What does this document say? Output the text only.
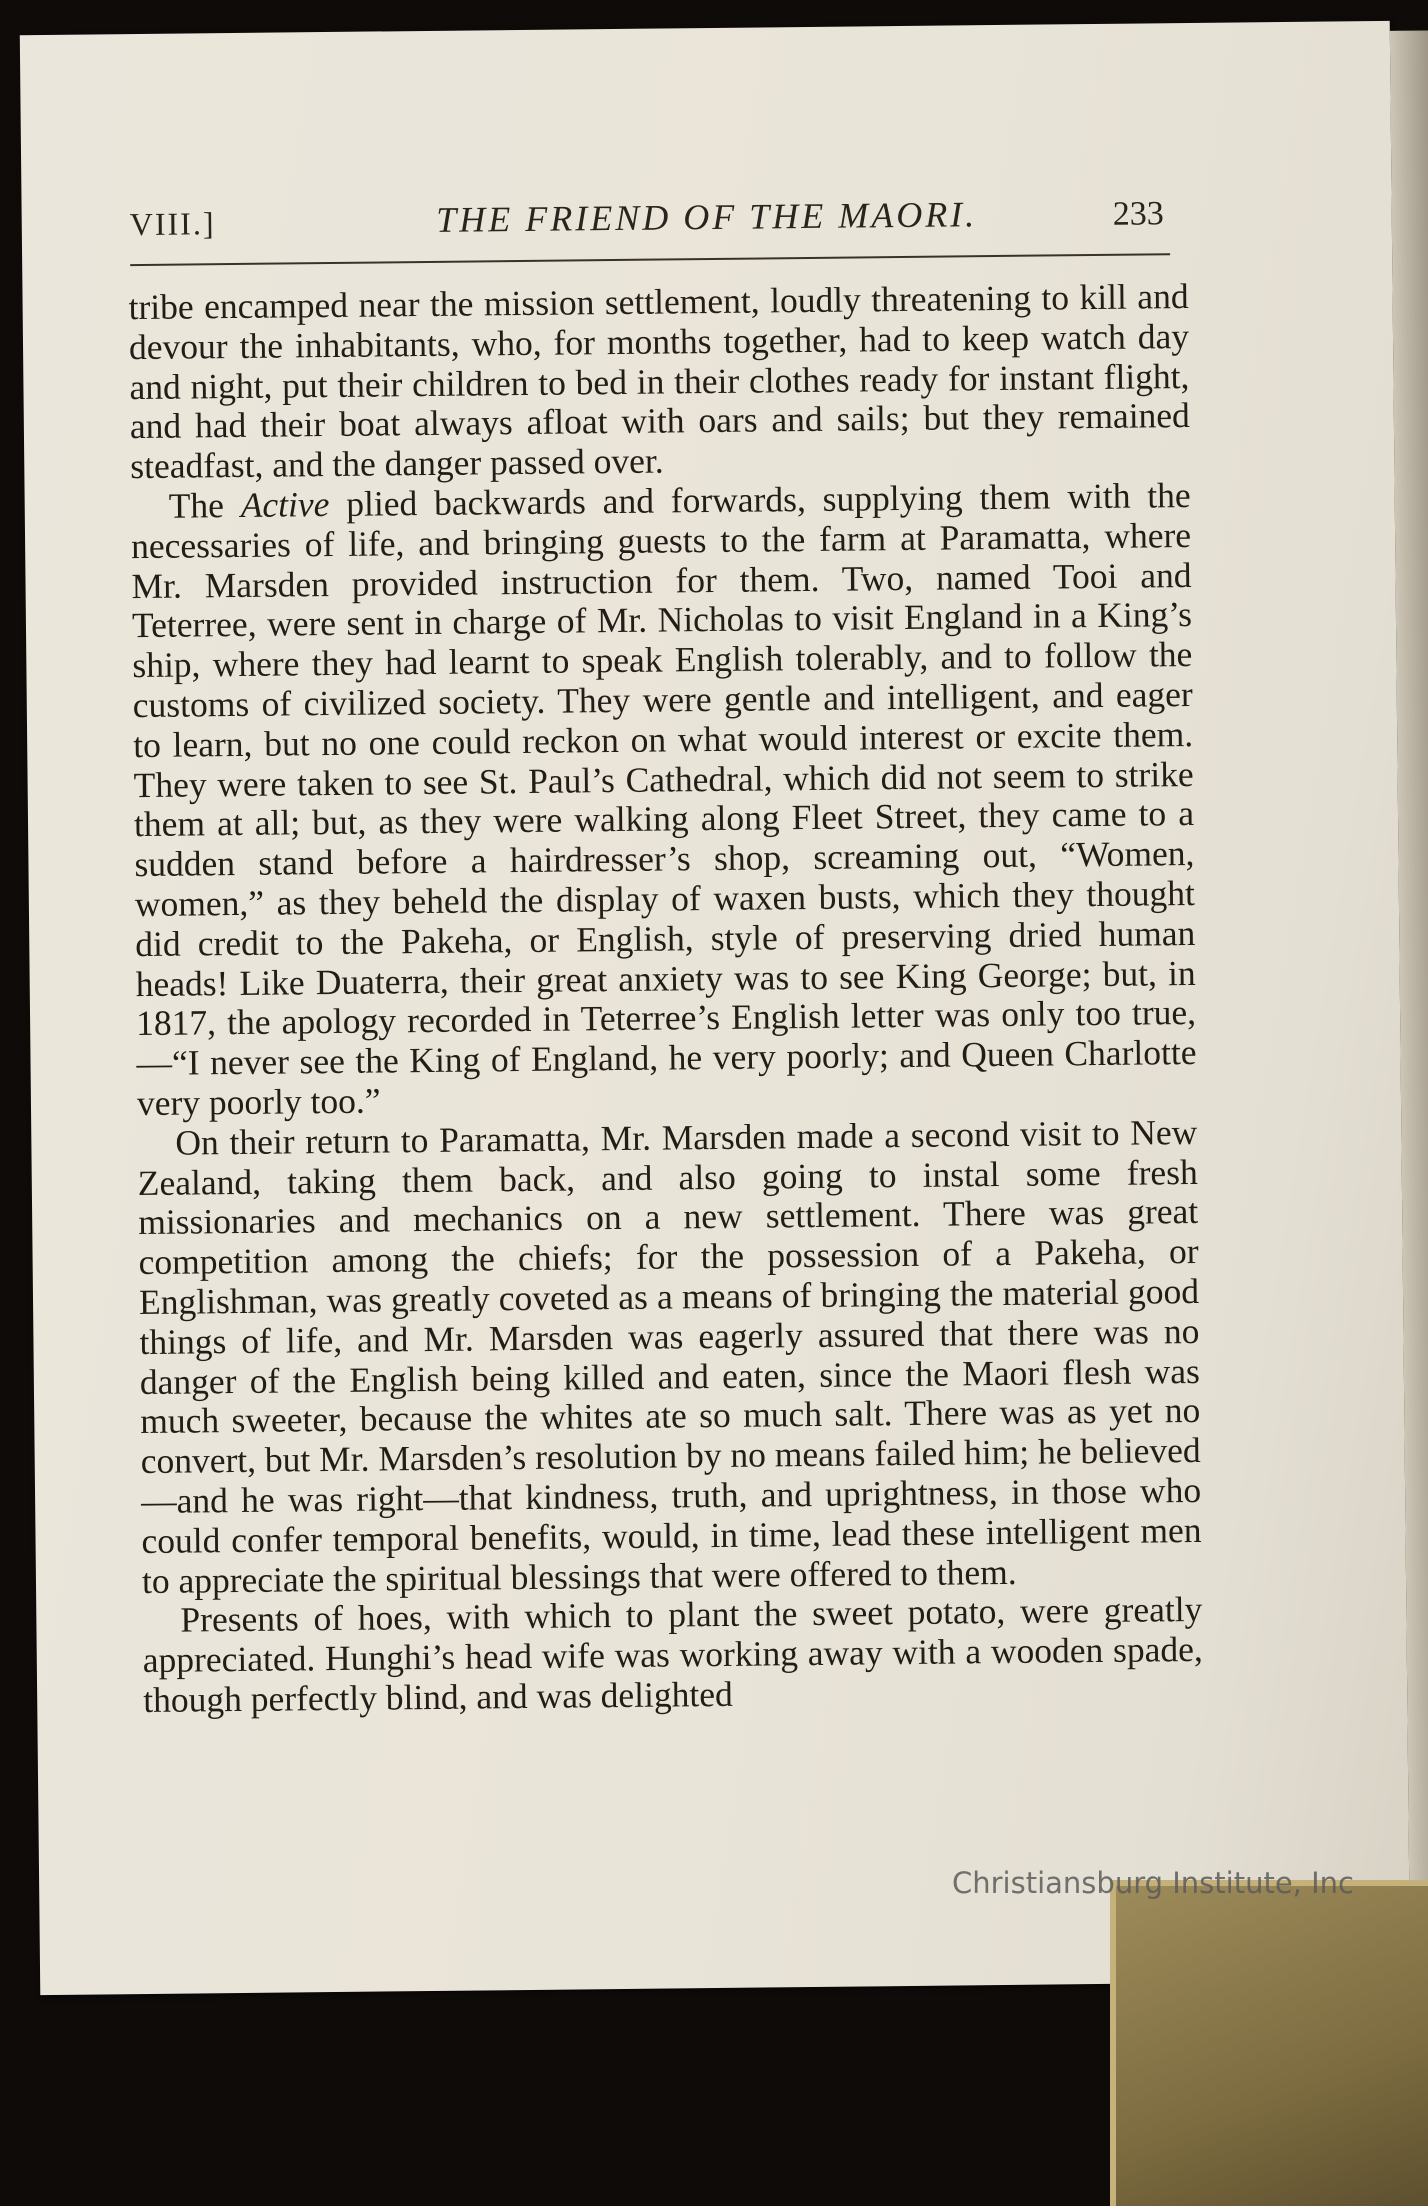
VIII.]	THE FRIEND OF THE MAORI.	233

tribe encamped near the mission settlement, loudly threatening to kill and devour the inhabitants, who, for months together, had to keep watch day and night, put their children to bed in their clothes ready for instant flight, and had their boat always afloat with oars and sails; but they remained steadfast, and the danger passed over.

The Active plied backwards and forwards, supplying them with the necessaries of life, and bringing guests to the farm at Paramatta, where Mr. Marsden provided instruction for them. Two, named Tooi and Teterree, were sent in charge of Mr. Nicholas to visit England in a King’s ship, where they had learnt to speak English tolerably, and to follow the customs of civilized society. They were gentle and intelligent, and eager to learn, but no one could reckon on what would interest or excite them. They were taken to see St. Paul’s Cathedral, which did not seem to strike them at all; but, as they were walking along Fleet Street, they came to a sudden stand before a hairdresser’s shop, screaming out, “Women, women,” as they beheld the display of waxen busts, which they thought did credit to the Pakeha, or English, style of preserving dried human heads! Like Duaterra, their great anxiety was to see King George; but, in 1817, the apology recorded in Teterree’s English letter was only too true,—“I never see the King of England, he very poorly; and Queen Charlotte very poorly too.”

On their return to Paramatta, Mr. Marsden made a second visit to New Zealand, taking them back, and also going to instal some fresh missionaries and mechanics on a new settlement. There was great competition among the chiefs; for the possession of a Pakeha, or Englishman, was greatly coveted as a means of bringing the material good things of life, and Mr. Marsden was eagerly assured that there was no danger of the English being killed and eaten, since the Maori flesh was much sweeter, because the whites ate so much salt. There was as yet no convert, but Mr. Marsden’s resolution by no means failed him; he believed—and he was right—that kindness, truth, and uprightness, in those who could confer temporal benefits, would, in time, lead these intelligent men to appreciate the spiritual blessings that were offered to them.

Presents of hoes, with which to plant the sweet potato, were greatly appreciated. Hunghi’s head wife was working away with a wooden spade, though perfectly blind, and was delighted

Christiansburg Institute, Inc
